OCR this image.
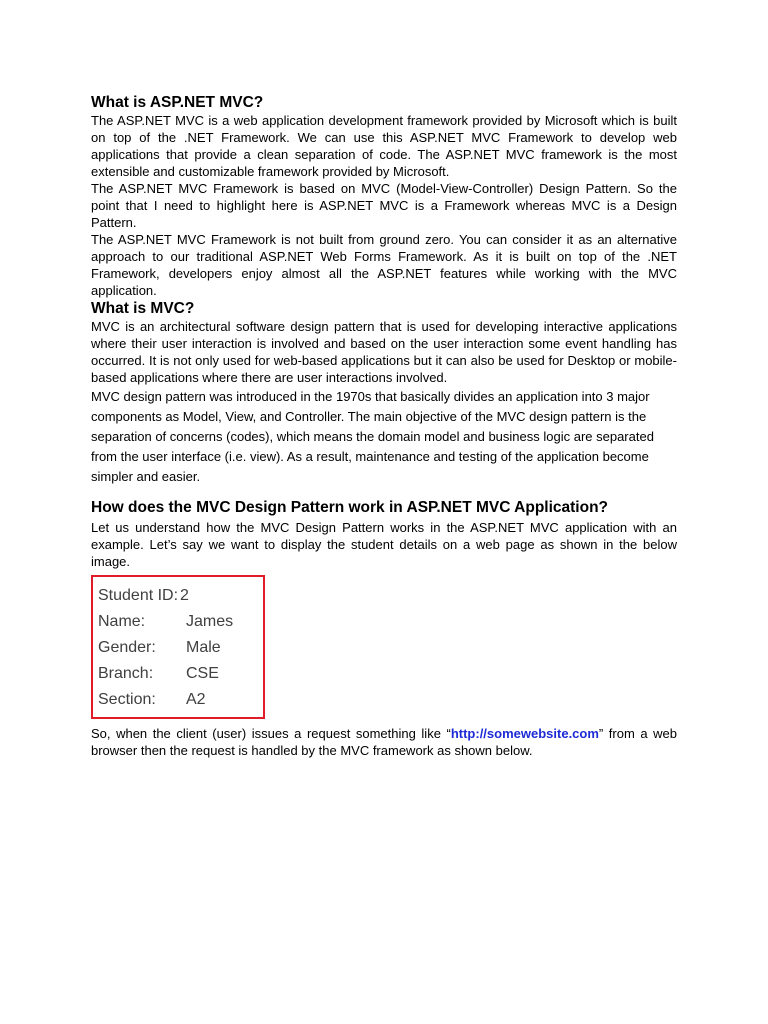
What is ASP.NET MVC?

The ASP.NET MVC is a web application development framework provided by Microsoft which is built on top of the .NET Framework. We can use this ASP.NET MVC Framework to develop web applications that provide a clean separation of code. The ASP.NET MVC framework is the most extensible and customizable framework provided by Microsoft.

The ASP.NET MVC Framework is based on MVC (Model-View-Controller) Design Pattern. So the point that I need to highlight here is ASP.NET MVC is a Framework whereas MVC is a Design Pattern.

The ASP.NET MVC Framework is not built from ground zero. You can consider it as an alternative approach to our traditional ASP.NET Web Forms Framework. As it is built on top of the .NET Framework, developers enjoy almost all the ASP.NET features while working with the MVC application.

What is MVC?

MVC is an architectural software design pattern that is used for developing interactive applications where their user interaction is involved and based on the user interaction some event handling has occurred. It is not only used for web-based applications but it can also be used for Desktop or mobile-based applications where there are user interactions involved.

MVC design pattern was introduced in the 1970s that basically divides an application into 3 major components as Model, View, and Controller. The main objective of the MVC design pattern is the separation of concerns (codes), which means the domain model and business logic are separated from the user interface (i.e. view). As a result, maintenance and testing of the application become simpler and easier.

How does the MVC Design Pattern work in ASP.NET MVC Application?

Let us understand how the MVC Design Pattern works in the ASP.NET MVC application with an example. Let’s say we want to display the student details on a web page as shown in the below image.

Student ID: 2
Name:	James
Gender:	Male
Branch:	CSE
Section:	A2

So, when the client (user) issues a request something like “http://somewebsite.com” from a web browser then the request is handled by the MVC framework as shown below.
